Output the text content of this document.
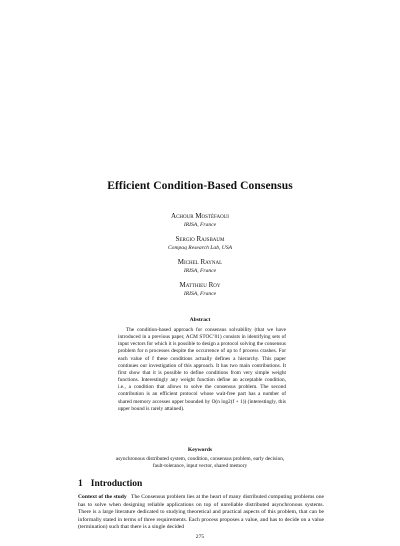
Efficient Condition-Based Consensus
Achour Mostéfaoui
IRISA, France
Sergio Rajsbaum
Compaq Research Lab, USA
Michel Raynal
IRISA, France
Matthieu Roy
IRISA, France
Abstract
The condition-based approach for consensus solvability (that we have introduced in a previous paper, ACM STOC’01) consists in identifying sets of input vectors for which it is possible to design a protocol solving the consensus problem for n processes despite the occurrence of up to f process crashes. For each value of f these conditions actually defines a hierarchy. This paper continues our investigation of this approach. It has two main contributions. It first show that it is possible to define conditions from very simple weight functions. Interestingly any weight function define an acceptable condition, i.e., a condition that allows to solve the consensus problem. The second contribution is an efficient protocol whose wait-free part has a number of shared memory accesses upper bounded by O(n log2(f + 1)) (interestingly, this upper bound is rarely attained).
Keywords
asynchronous distributed system, condition, consensus problem, early decision, fault-tolerance, input vector, shared memory
1 Introduction
Context of the study The Consensus problem lies at the heart of many distributed computing problems one has to solve when designing reliable applications on top of unreliable distributed asynchronous systems. There is a large literature dedicated to studying theoretical and practical aspects of this problem, that can be informally stated in terms of three requirements. Each process proposes a value, and has to decide on a value (termination) such that there is a single decided
275
